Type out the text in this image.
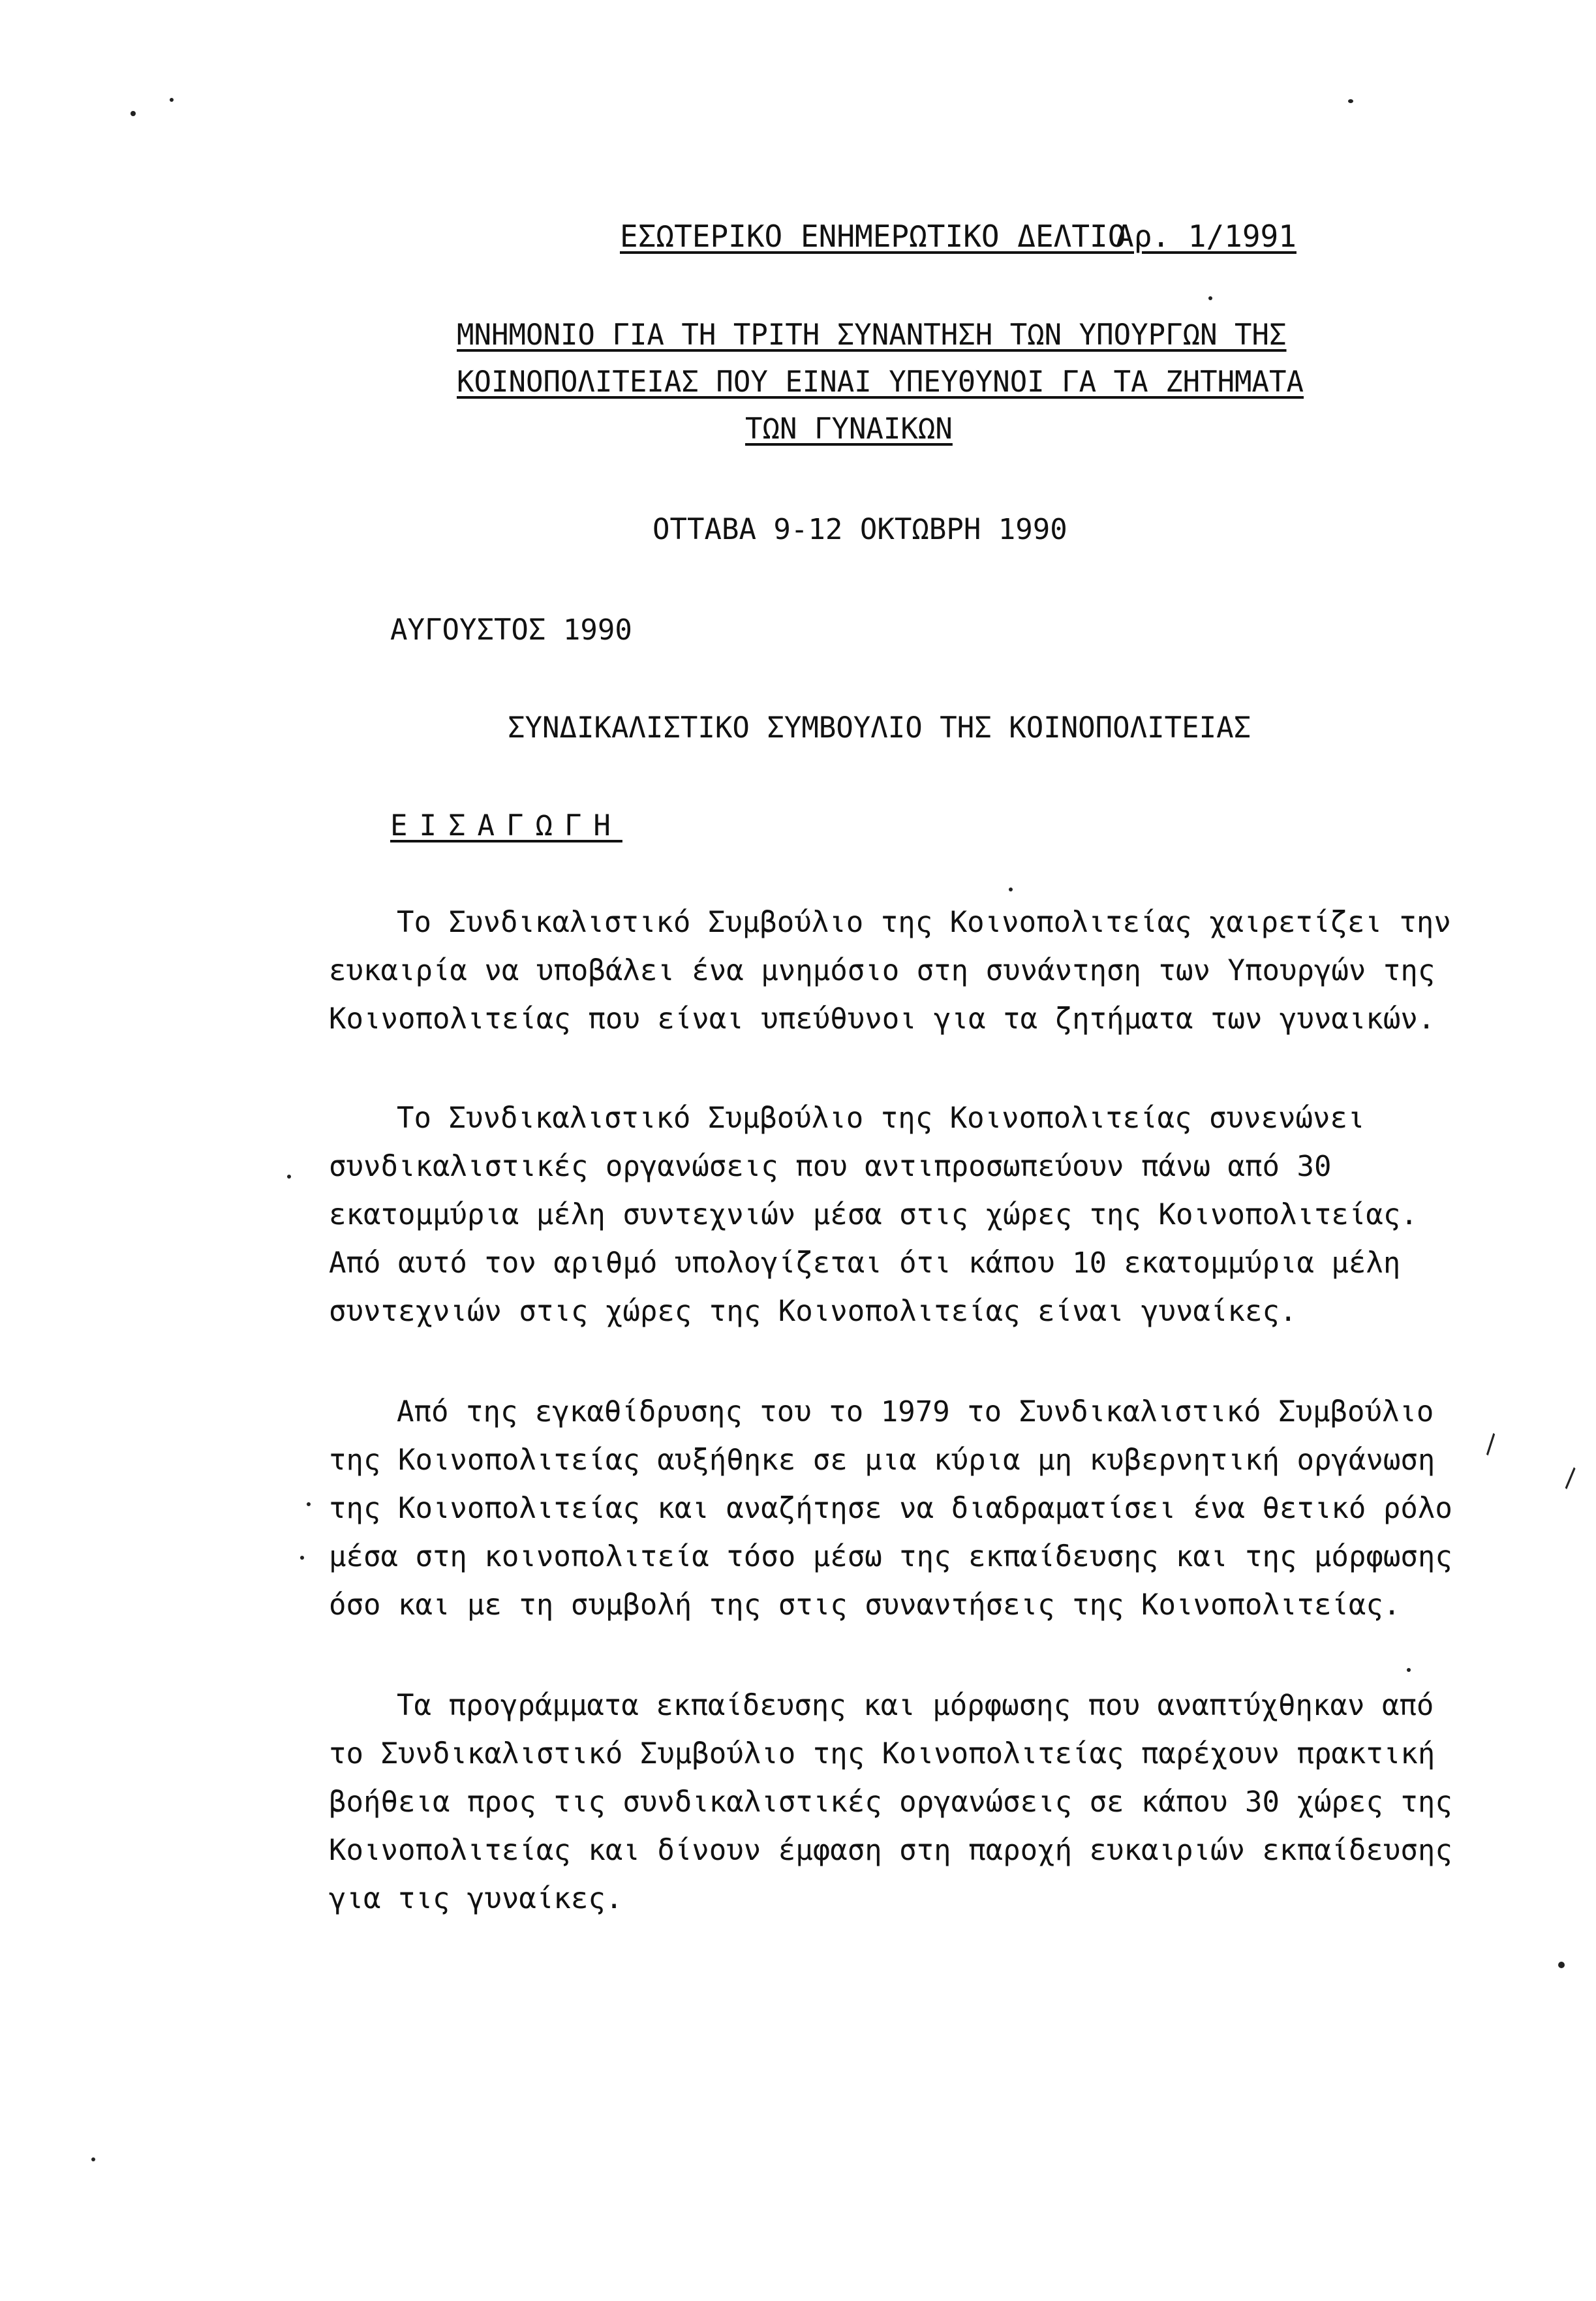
ΕΣΩΤΕΡΙΚΟ ΕΝΗΜΕΡΩΤΙΚΟ ΔΕΛΤΙΟ
Αρ. 1/1991
ΜΝΗΜΟΝΙΟ ΓΙΑ ΤΗ ΤΡΙΤΗ ΣΥΝΑΝΤΗΣΗ ΤΩΝ ΥΠΟΥΡΓΩΝ ΤΗΣ
ΚΟΙΝΟΠΟΛΙΤΕΙΑΣ ΠΟΥ ΕΙΝΑΙ ΥΠΕΥΘΥΝΟΙ ΓΑ ΤΑ ΖΗΤΗΜΑΤΑ
ΤΩΝ ΓΥΝΑΙΚΩΝ
ΟΤΤΑΒΑ 9-12 ΟΚΤΩΒΡΗ 1990
ΑΥΓΟΥΣΤΟΣ 1990
ΣΥΝΔΙΚΑΛΙΣΤΙΚΟ ΣΥΜΒΟΥΛΙΟ ΤΗΣ ΚΟΙΝΟΠΟΛΙΤΕΙΑΣ
ΕΙΣΑΓΩΓΗ
Το Συνδικαλιστικό Συμβούλιο της Κοινοπολιτείας χαιρετίζει την
ευκαιρία να υποβάλει ένα μνημόσιο στη συνάντηση των Υπουργών της
Κοινοπολιτείας που είναι υπεύθυνοι για τα ζητήματα των γυναικών.
Το Συνδικαλιστικό Συμβούλιο της Κοινοπολιτείας συνενώνει
συνδικαλιστικές οργανώσεις που αντιπροσωπεύουν πάνω από 30
εκατομμύρια μέλη συντεχνιών μέσα στις χώρες της Κοινοπολιτείας.
Από αυτό τον αριθμό υπολογίζεται ότι κάπου 10 εκατομμύρια μέλη
συντεχνιών στις χώρες της Κοινοπολιτείας είναι γυναίκες.
Από της εγκαθίδρυσης του το 1979 το Συνδικαλιστικό Συμβούλιο
της Κοινοπολιτείας αυξήθηκε σε μια κύρια μη κυβερνητική οργάνωση
της Κοινοπολιτείας και αναζήτησε να διαδραματίσει ένα θετικό ρόλο
μέσα στη κοινοπολιτεία τόσο μέσω της εκπαίδευσης και της μόρφωσης
όσο και με τη συμβολή της στις συναντήσεις της Κοινοπολιτείας.
Τα προγράμματα εκπαίδευσης και μόρφωσης που αναπτύχθηκαν από
το Συνδικαλιστικό Συμβούλιο της Κοινοπολιτείας παρέχουν πρακτική
βοήθεια προς τις συνδικαλιστικές οργανώσεις σε κάπου 30 χώρες της
Κοινοπολιτείας και δίνουν έμφαση στη παροχή ευκαιριών εκπαίδευσης
για τις γυναίκες.
\
\
